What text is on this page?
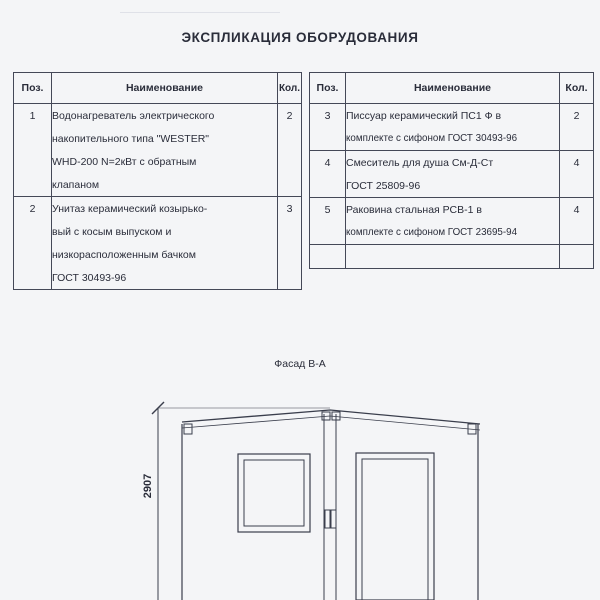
ЭКСПЛИКАЦИЯ ОБОРУДОВАНИЯ
Поз.	Наименование	Кол.
1	Водонагреватель электрического	2
	накопительного типа "WESTER"	
	WHD-200 N=2кВт с обратным	
	клапаном	
2	Унитаз керамический козырько-	3
	вый с косым выпуском и	
	низкорасположенным бачком	
	ГОСТ 30493-96	
Поз.	Наименование	Кол.
3	Писсуар керамический ПС1 Ф в	2
	комплекте с сифоном ГОСТ 30493-96	
4	Смеситель для душа См-Д-Ст	4
	ГОСТ 25809-96	
5	Раковина стальная РСВ-1 в	4
	комплекте с сифоном ГОСТ 23695-94	

Фасад В-А
2907
